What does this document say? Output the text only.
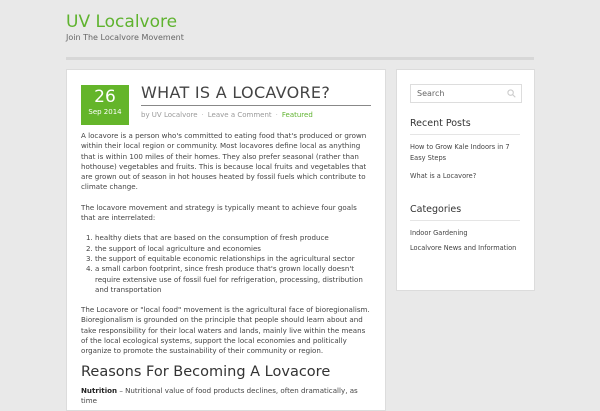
UV Localvore
Join The Localvore Movement
26
Sep 2014
WHAT IS A LOCAVORE?
by UV Localvore · Leave a Comment · Featured

A locavore is a person who's committed to eating food that's produced or grown within their local region or community. Most locavores define local as anything that is within 100 miles of their homes. They also prefer seasonal (rather than hothouse) vegetables and fruits. This is because local fruits and vegetables that are grown out of season in hot houses heated by fossil fuels which contribute to climate change.

The locavore movement and strategy is typically meant to achieve four goals that are interrelated:

1. healthy diets that are based on the consumption of fresh produce
2. the support of local agriculture and economies
3. the support of equitable economic relationships in the agricultural sector
4. a small carbon footprint, since fresh produce that's grown locally doesn't require extensive use of fossil fuel for refrigeration, processing, distribution and transportation

The Locavore or "local food" movement is the agricultural face of bioregionalism. Bioregionalism is grounded on the principle that people should learn about and take responsibility for their local waters and lands, mainly live within the means of the local ecological systems, support the local economies and politically organize to promote the sustainability of their community or region.

Reasons For Becoming A Lovacore

Nutrition – Nutritional value of food products declines, often dramatically, as time

Search
Recent Posts
How to Grow Kale Indoors in 7 Easy Steps
What is a Locavore?
Categories
Indoor Gardening
Localvore News and Information
